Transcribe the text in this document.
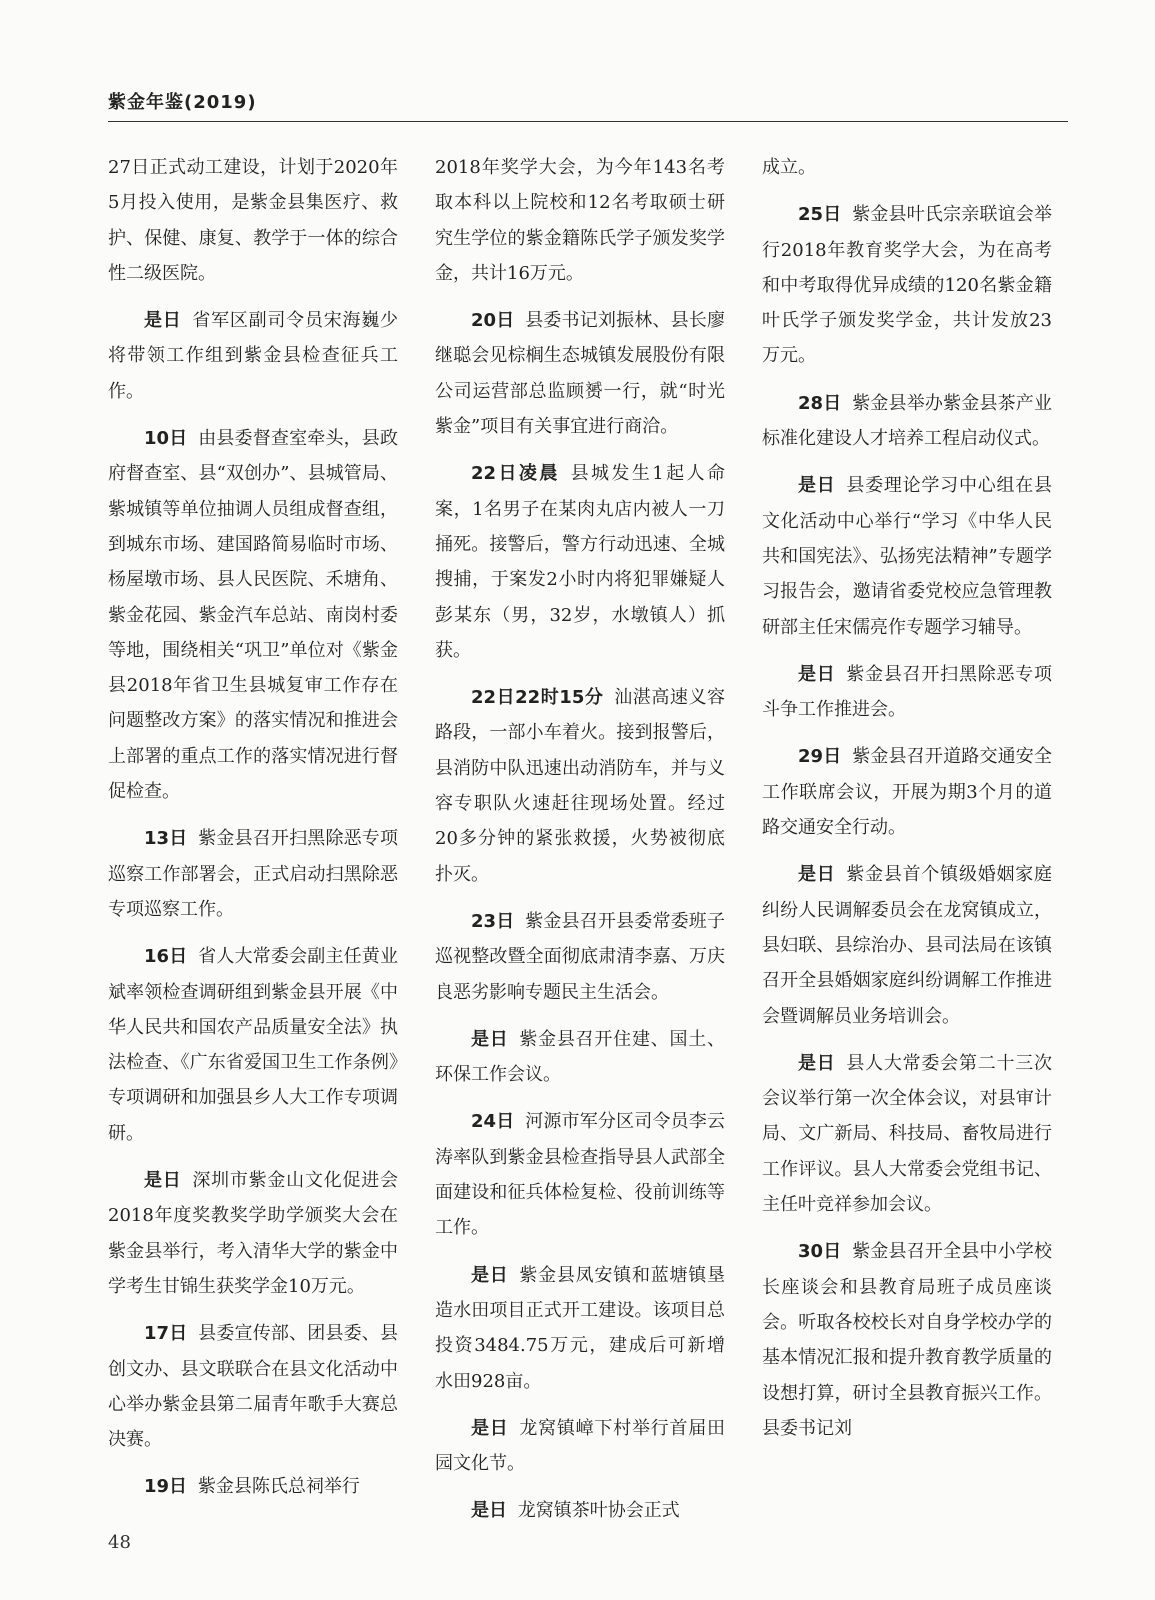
紫金年鉴(2019)

27日正式动工建设，计划于2020年5月投入使用，是紫金县集医疗、救护、保健、康复、教学于一体的综合性二级医院。

是日 省军区副司令员宋海巍少将带领工作组到紫金县检查征兵工作。

10日 由县委督查室牵头，县政府督查室、县“双创办”、县城管局、紫城镇等单位抽调人员组成督查组，到城东市场、建国路简易临时市场、杨屋墩市场、县人民医院、禾塘角、紫金花园、紫金汽车总站、南岗村委等地，围绕相关“巩卫”单位对《紫金县2018年省卫生县城复审工作存在问题整改方案》的落实情况和推进会上部署的重点工作的落实情况进行督促检查。

13日 紫金县召开扫黑除恶专项巡察工作部署会，正式启动扫黑除恶专项巡察工作。

16日 省人大常委会副主任黄业斌率领检查调研组到紫金县开展《中华人民共和国农产品质量安全法》执法检查、《广东省爱国卫生工作条例》专项调研和加强县乡人大工作专项调研。

是日 深圳市紫金山文化促进会2018年度奖教奖学助学颁奖大会在紫金县举行，考入清华大学的紫金中学考生甘锦生获奖学金10万元。

17日 县委宣传部、团县委、县创文办、县文联联合在县文化活动中心举办紫金县第二届青年歌手大赛总决赛。

19日 紫金县陈氏总祠举行

2018年奖学大会，为今年143名考取本科以上院校和12名考取硕士研究生学位的紫金籍陈氏学子颁发奖学金，共计16万元。

20日 县委书记刘振林、县长廖继聪会见棕榈生态城镇发展股份有限公司运营部总监顾赟一行，就“时光紫金”项目有关事宜进行商洽。

22日凌晨 县城发生1起人命案，1名男子在某肉丸店内被人一刀捅死。接警后，警方行动迅速、全城搜捕，于案发2小时内将犯罪嫌疑人彭某东（男，32岁，水墩镇人）抓获。

22日22时15分 汕湛高速义容路段，一部小车着火。接到报警后，县消防中队迅速出动消防车，并与义容专职队火速赶往现场处置。经过20多分钟的紧张救援，火势被彻底扑灭。

23日 紫金县召开县委常委班子巡视整改暨全面彻底肃清李嘉、万庆良恶劣影响专题民主生活会。

是日 紫金县召开住建、国土、环保工作会议。

24日 河源市军分区司令员李云涛率队到紫金县检查指导县人武部全面建设和征兵体检复检、役前训练等工作。

是日 紫金县凤安镇和蓝塘镇垦造水田项目正式开工建设。该项目总投资3484.75万元，建成后可新增水田928亩。

是日 龙窝镇嶂下村举行首届田园文化节。

是日 龙窝镇茶叶协会正式

成立。

25日 紫金县叶氏宗亲联谊会举行2018年教育奖学大会，为在高考和中考取得优异成绩的120名紫金籍叶氏学子颁发奖学金，共计发放23万元。

28日 紫金县举办紫金县茶产业标准化建设人才培养工程启动仪式。

是日 县委理论学习中心组在县文化活动中心举行“学习《中华人民共和国宪法》、弘扬宪法精神”专题学习报告会，邀请省委党校应急管理教研部主任宋儒亮作专题学习辅导。

是日 紫金县召开扫黑除恶专项斗争工作推进会。

29日 紫金县召开道路交通安全工作联席会议，开展为期3个月的道路交通安全行动。

是日 紫金县首个镇级婚姻家庭纠纷人民调解委员会在龙窝镇成立，县妇联、县综治办、县司法局在该镇召开全县婚姻家庭纠纷调解工作推进会暨调解员业务培训会。

是日 县人大常委会第二十三次会议举行第一次全体会议，对县审计局、文广新局、科技局、畜牧局进行工作评议。县人大常委会党组书记、主任叶竞祥参加会议。

30日 紫金县召开全县中小学校长座谈会和县教育局班子成员座谈会。听取各校校长对自身学校办学的基本情况汇报和提升教育教学质量的设想打算，研讨全县教育振兴工作。县委书记刘

48
